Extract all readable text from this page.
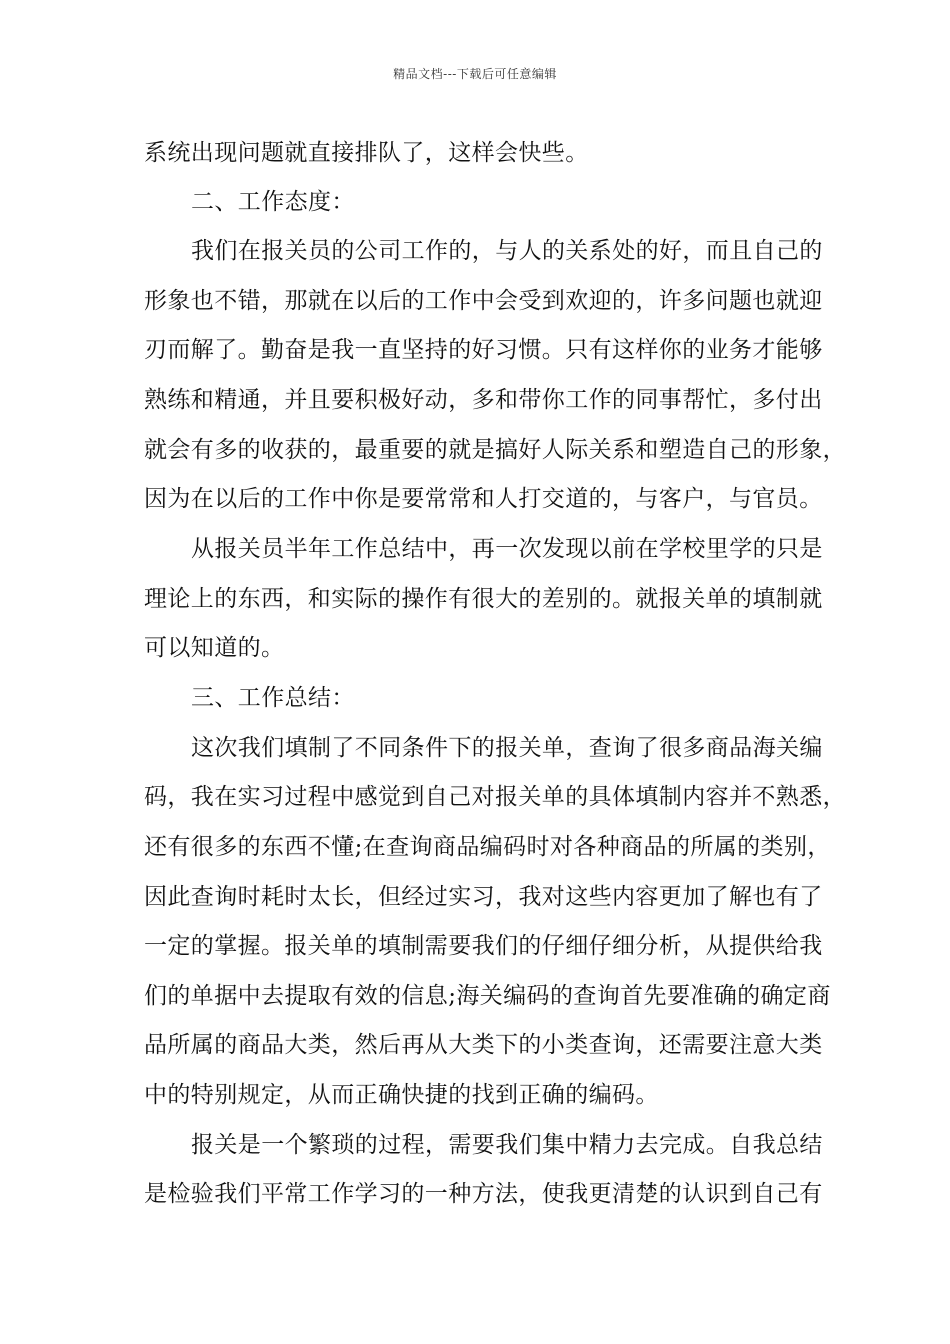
精品文档---下载后可任意编辑
系统出现问题就直接排队了，这样会快些。
二、工作态度：
我们在报关员的公司工作的，与人的关系处的好，而且自己的
形象也不错，那就在以后的工作中会受到欢迎的，许多问题也就迎
刃而解了。勤奋是我一直坚持的好习惯。只有这样你的业务才能够
熟练和精通，并且要积极好动，多和带你工作的同事帮忙，多付出
就会有多的收获的，最重要的就是搞好人际关系和塑造自己的形象，
因为在以后的工作中你是要常常和人打交道的，与客户，与官员。
从报关员半年工作总结中，再一次发现以前在学校里学的只是
理论上的东西，和实际的操作有很大的差别的。就报关单的填制就
可以知道的。
三、工作总结：
这次我们填制了不同条件下的报关单，查询了很多商品海关编
码，我在实习过程中感觉到自己对报关单的具体填制内容并不熟悉，
还有很多的东西不懂;在查询商品编码时对各种商品的所属的类别，
因此查询时耗时太长，但经过实习，我对这些内容更加了解也有了
一定的掌握。报关单的填制需要我们的仔细仔细分析，从提供给我
们的单据中去提取有效的信息;海关编码的查询首先要准确的确定商
品所属的商品大类，然后再从大类下的小类查询，还需要注意大类
中的特别规定，从而正确快捷的找到正确的编码。
报关是一个繁琐的过程，需要我们集中精力去完成。自我总结
是检验我们平常工作学习的一种方法，使我更清楚的认识到自己有
